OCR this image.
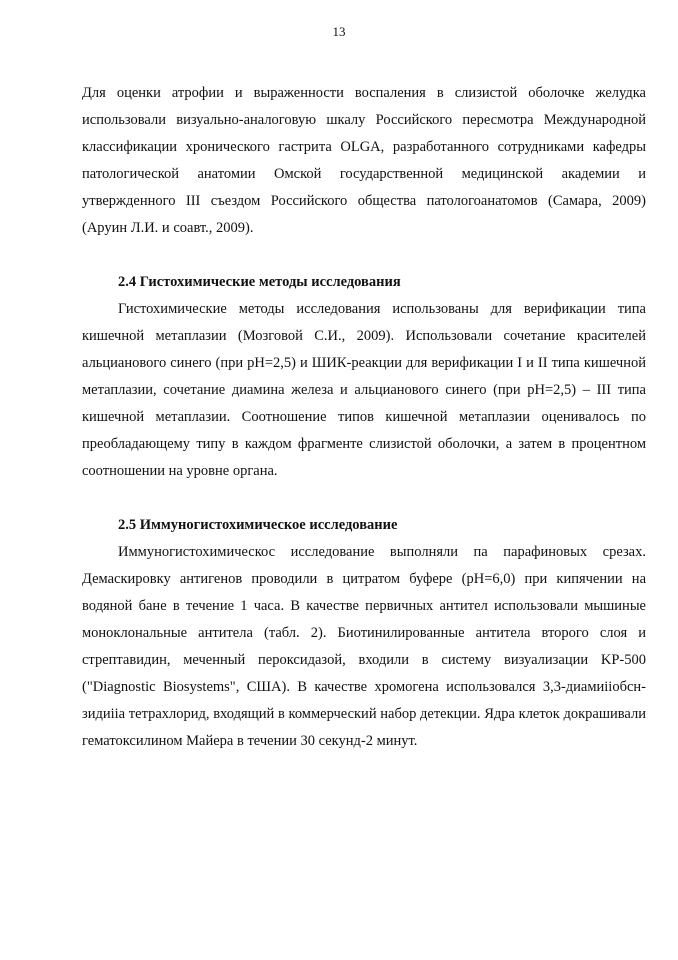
13

Для оценки атрофии и выраженности воспаления в слизистой оболочке желудка использовали визуально-аналоговую шкалу Российского пересмотра Международной классификации хронического гастрита OLGA, разработанного сотрудниками кафедры патологической анатомии Омской государственной медицинской академии и утвержденного III съездом Российского общества патологоанатомов (Самара, 2009) (Аруин Л.И. и соавт., 2009).

2.4 Гистохимические методы исследования

Гистохимические методы исследования использованы для верификации типа кишечной метаплазии (Мозговой С.И., 2009). Использовали сочетание красителей альцианового синего (при pH=2,5) и ШИК-реакции для верификации I и II типа кишечной метаплазии, сочетание диамина железа и альцианового синего (при pH=2,5) – III типа кишечной метаплазии. Соотношение типов кишечной метаплазии оценивалось по преобладающему типу в каждом фрагменте слизистой оболочки, а затем в процентном соотношении на уровне органа.

2.5 Иммуногистохимическое исследование

Иммуногистохимическос исследование выполняли па парафиновых срезах. Демаскировку антигенов проводили в цитратом буфере (pH=6,0) при кипячении на водяной бане в течение 1 часа. В качестве первичных антител использовали мышиные моноклональные антитела (табл. 2). Биотинилированные антитела второго слоя и стрептавидин, меченный пероксидазой, входили в систему визуализации KP-500 ("Diagnostic Biosystems", США). В качестве хромогена использовался 3,3-диамиіiобсн-зидиiіа тетрахлорид, входящий в коммерческий набор детекции. Ядра клеток докрашивали гематоксилином Майера в течении 30 секунд-2 минут.
